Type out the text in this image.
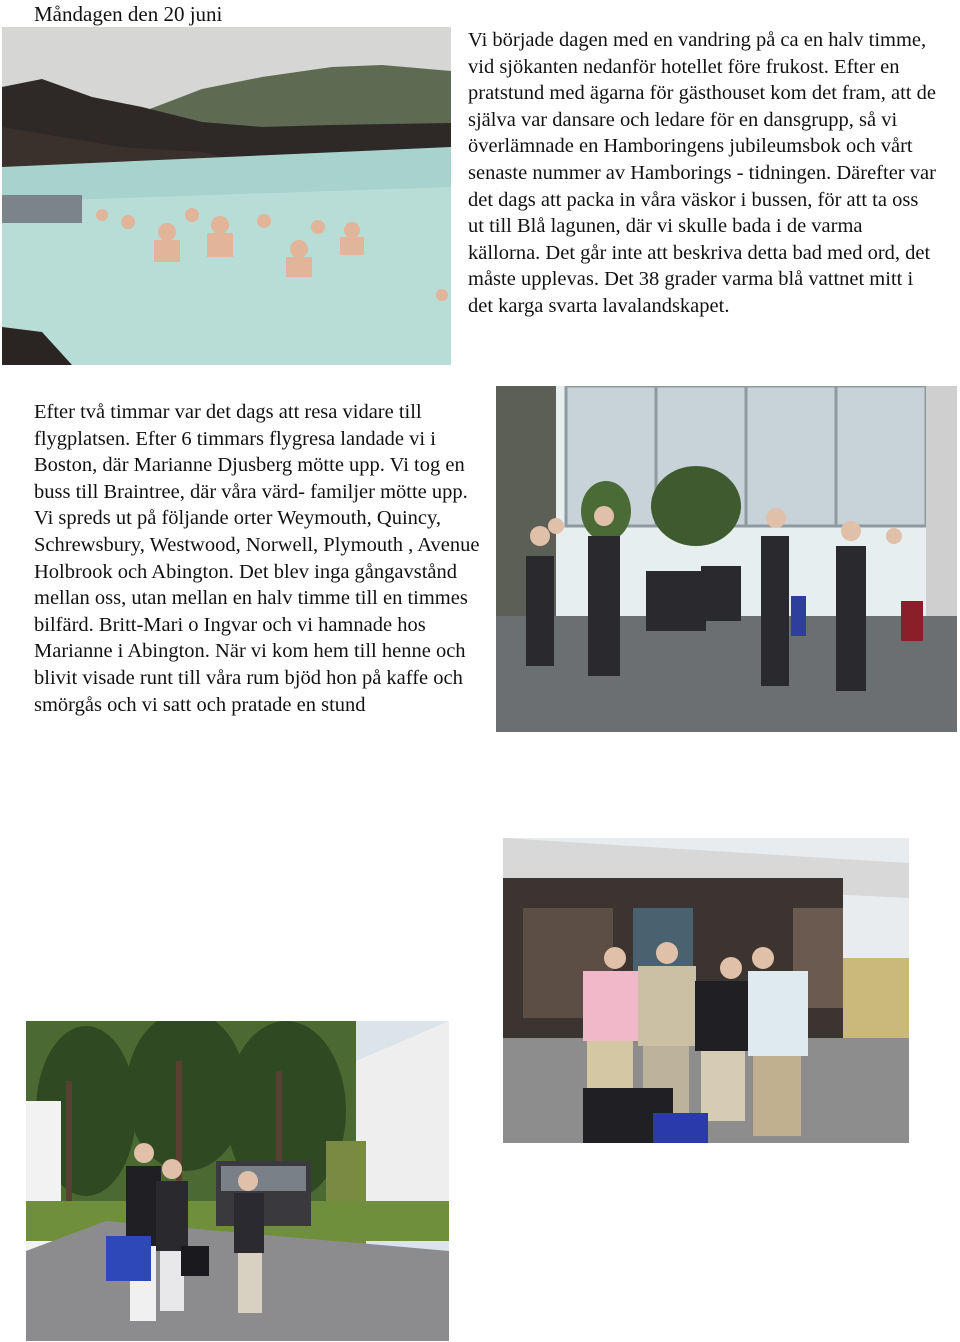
Måndagen den 20 juni

Vi började dagen med en vandring på ca en halv timme, vid sjökanten nedanför hotellet före frukost. Efter en pratstund med ägarna för gästhouset kom det fram, att de själva var dansare och ledare för en dansgrupp, så vi överlämnade en Hamboringens jubileumsbok och vårt senaste nummer av Hamborings - tidningen. Därefter var det dags att packa in våra väskor i bussen, för att ta oss ut till Blå lagunen, där vi skulle bada i de varma källorna. Det går inte att beskriva detta bad med ord, det måste upplevas. Det 38 grader varma blå vattnet mitt i det karga svarta lavalandskapet.

Efter två timmar var det dags att resa vidare till flygplatsen. Efter 6 timmars flygresa landade vi i Boston, där Marianne Djusberg mötte upp. Vi tog en buss till Braintree, där våra värd- familjer mötte upp. Vi spreds ut på följande orter Weymouth, Quincy, Schrewsbury, Westwood, Norwell, Plymouth , Avenue Holbrook och Abington. Det blev inga gångavstånd mellan oss, utan mellan en halv timme till en timmes bilfärd. Britt-Mari o Ingvar och vi hamnade hos Marianne i Abington. När vi kom hem till henne och blivit visade runt till våra rum bjöd hon på kaffe och smörgås och vi satt och pratade en stund
